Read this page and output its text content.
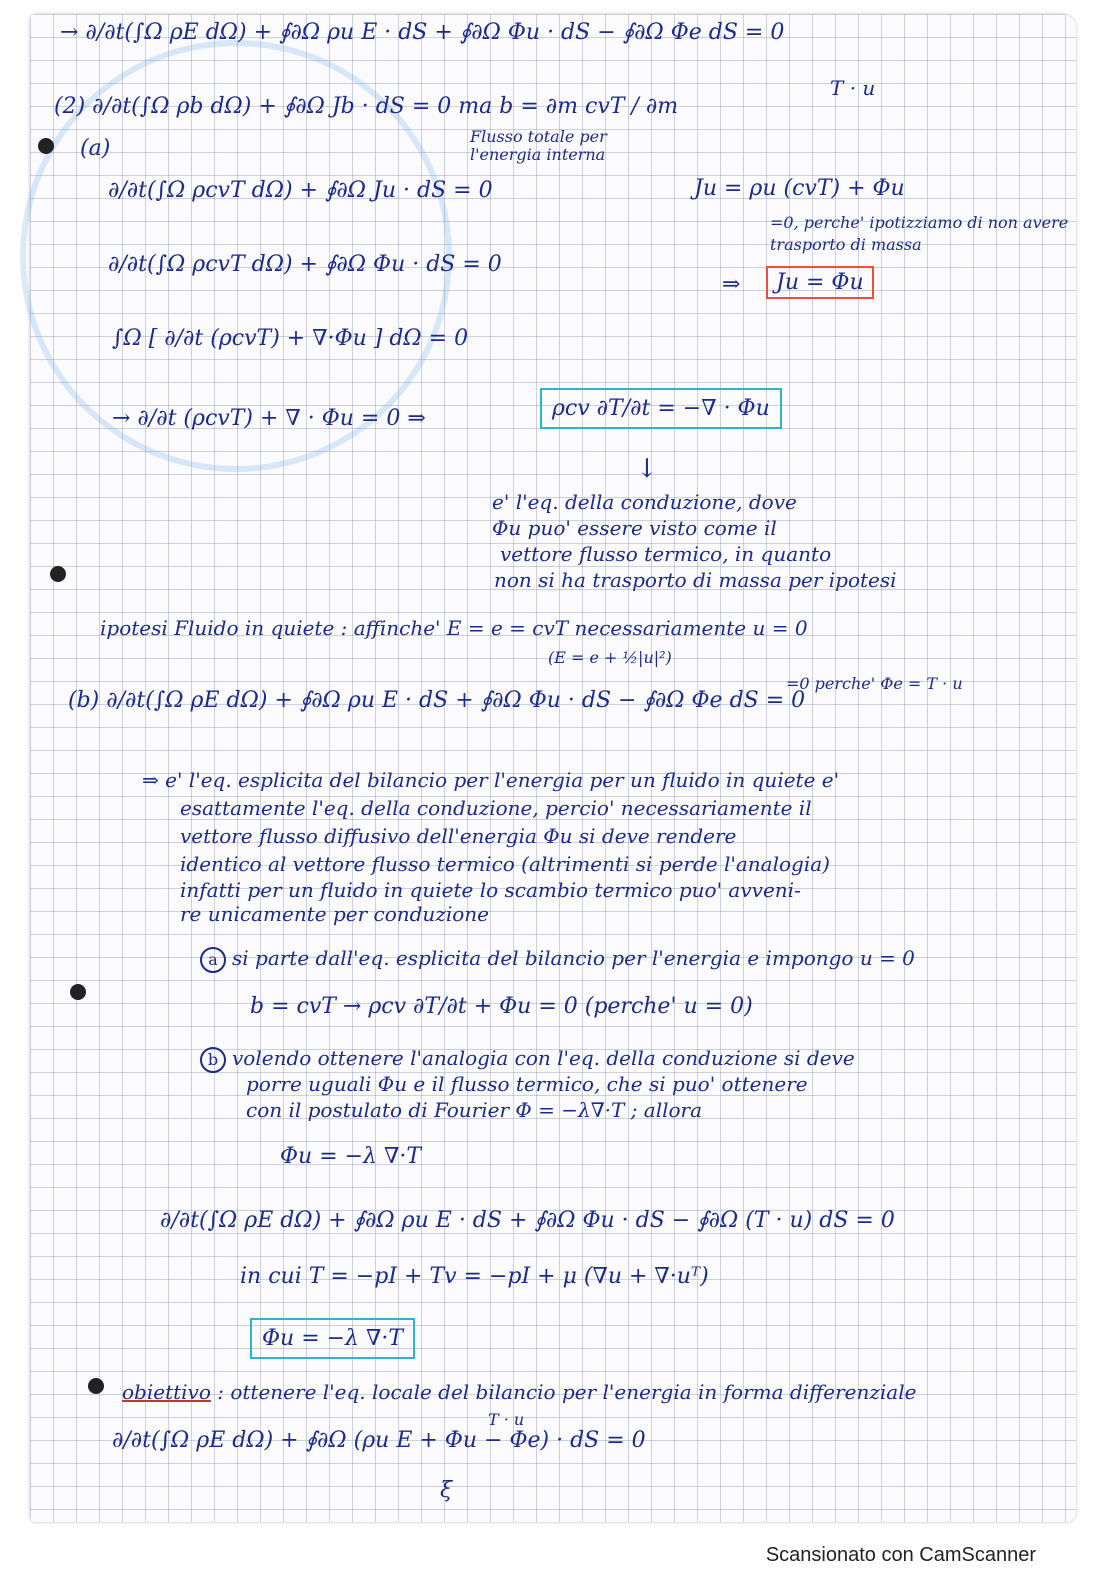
→ ∂/∂t(∫Ω ρE dΩ) + ∮∂Ω ρu E · dS + ∮∂Ω Φu · dS − ∮∂Ω Φe dS = 0
T · u
(2) ∂/∂t(∫Ω ρb dΩ) + ∮∂Ω Jb · dS = 0 ma b = ∂m cvT / ∂m
(a)	Flusso totale per l'energia interna
∂/∂t(∫Ω ρcvT dΩ) + ∮∂Ω Ju · dS = 0	Ju = ρu (cvT) + Φu
=0, perche' ipotizziamo di non avere trasporto di massa
∂/∂t(∫Ω ρcvT dΩ) + ∮∂Ω Φu · dS = 0
⇒	Ju = Φu
∫Ω [ ∂/∂t (ρcvT) + ∇·Φu ] dΩ = 0
→ ∂/∂t (ρcvT) + ∇ · Φu = 0 ⇒	ρcv ∂T/∂t = −∇ · Φu
↓
e' l'eq. della conduzione, dove
Φu puo' essere visto come il
vettore flusso termico, in quanto
non si ha trasporto di massa per ipotesi
ipotesi Fluido in quiete : affinche' E = e = cvT necessariamente u = 0
(E = e + ½|u|²)
(b) ∂/∂t(∫Ω ρE dΩ) + ∮∂Ω ρu E · dS + ∮∂Ω Φu · dS − ∮∂Ω Φe dS = 0
=0 perche' Φe = T · u
⇒ e' l'eq. esplicita del bilancio per l'energia per un fluido in quiete e'
esattamente l'eq. della conduzione, percio' necessariamente il
vettore flusso diffusivo dell'energia Φu si deve rendere
identico al vettore flusso termico (altrimenti si perde l'analogia)
infatti per un fluido in quiete lo scambio termico puo' avveni-
re unicamente per conduzione
a si parte dall'eq. esplicita del bilancio per l'energia e impongo u = 0
b = cvT → ρcv ∂T/∂t + Φu = 0 (perche' u = 0)
b volendo ottenere l'analogia con l'eq. della conduzione si deve
porre uguali Φu e il flusso termico, che si puo' ottenere
con il postulato di Fourier Φ = −λ∇·T ; allora
Φu = −λ ∇·T
∂/∂t(∫Ω ρE dΩ) + ∮∂Ω ρu E · dS + ∮∂Ω Φu · dS − ∮∂Ω (T · u) dS = 0
in cui T = −pI + Tv = −pI + μ (∇u + ∇·uᵀ)
Φu = −λ ∇·T
obiettivo : ottenere l'eq. locale del bilancio per l'energia in forma differenziale
T · u
∂/∂t(∫Ω ρE dΩ) + ∮∂Ω (ρu E + Φu − Φe) · dS = 0
ξ
Scansionato con CamScanner
